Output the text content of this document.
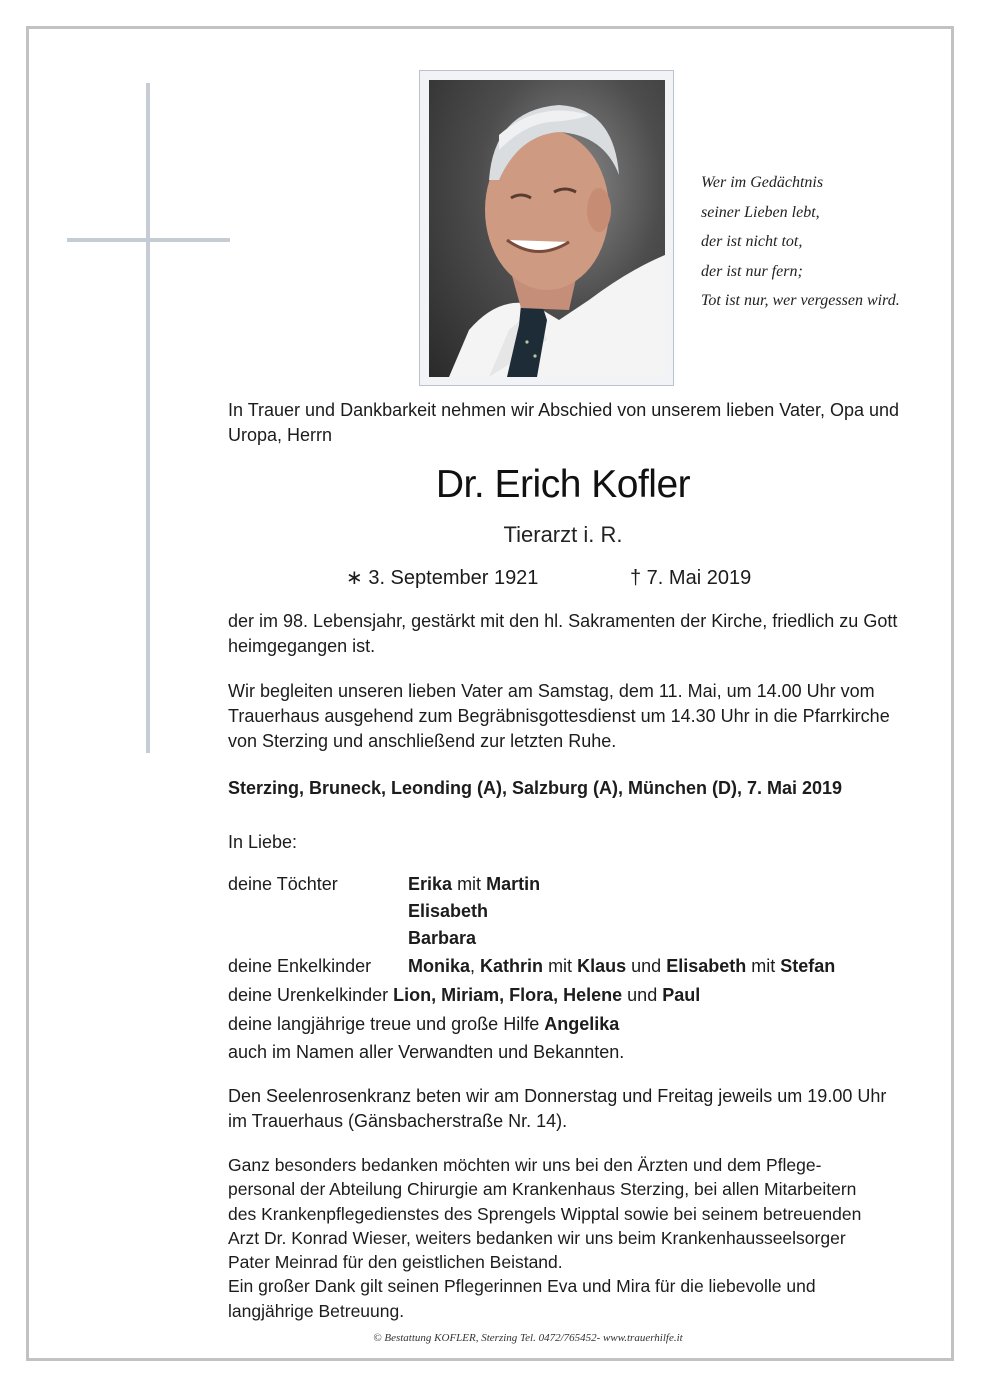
Wer im Gedächtnis
seiner Lieben lebt,
der ist nicht tot,
der ist nur fern;
Tot ist nur, wer vergessen wird.
In Trauer und Dankbarkeit nehmen wir Abschied von unserem lieben Vater, Opa und Uropa, Herrn
Dr. Erich Kofler
Tierarzt i. R.
∗ 3. September 1921	† 7. Mai 2019
der im 98. Lebensjahr, gestärkt mit den hl. Sakramenten der Kirche, friedlich zu Gott heimgegangen ist.
Wir begleiten unseren lieben Vater am Samstag, dem 11. Mai, um 14.00 Uhr vom Trauerhaus ausgehend zum Begräbnisgottesdienst um 14.30 Uhr in die Pfarrkirche von Sterzing und anschließend zur letzten Ruhe.
Sterzing, Bruneck, Leonding (A), Salzburg (A), München (D), 7. Mai 2019
In Liebe:
deine Töchter	Erika mit Martin
Elisabeth
Barbara
deine Enkelkinder Monika, Kathrin mit Klaus und Elisabeth mit Stefan
deine Urenkelkinder Lion, Miriam, Flora, Helene und Paul
deine langjährige treue und große Hilfe Angelika
auch im Namen aller Verwandten und Bekannten.
Den Seelenrosenkranz beten wir am Donnerstag und Freitag jeweils um 19.00 Uhr im Trauerhaus (Gänsbacherstraße Nr. 14).
Ganz besonders bedanken möchten wir uns bei den Ärzten und dem Pflege-
personal der Abteilung Chirurgie am Krankenhaus Sterzing, bei allen Mitarbeitern
des Krankenpflegedienstes des Sprengels Wipptal sowie bei seinem betreuenden
Arzt Dr. Konrad Wieser, weiters bedanken wir uns beim Krankenhausseelsorger
Pater Meinrad für den geistlichen Beistand.
Ein großer Dank gilt seinen Pflegerinnen Eva und Mira für die liebevolle und
langjährige Betreuung.
© Bestattung KOFLER, Sterzing Tel. 0472/765452- www.trauerhilfe.it
